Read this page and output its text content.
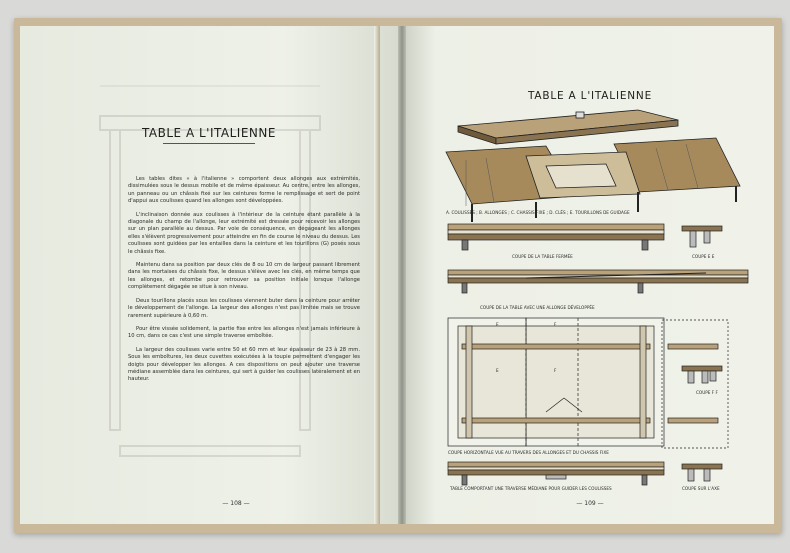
TABLE A L'ITALIENNE

Les tables dites « à l'italienne » comportent deux allonges aux extrémités, dissimulées sous le dessus mobile et de même épaisseur. Au centre, entre les allonges, un panneau ou un châssis fixé sur les ceintures forme le remplissage et sert de point d'appui aux coulisses quand les allonges sont développées.

L'inclinaison donnée aux coulisses à l'intérieur de la ceinture étant parallèle à la diagonale du champ de l'allonge, leur extrémité est dressée pour recevoir les allonges sur un plan parallèle au dessus. Par voie de conséquence, en dégageant les allonges elles s'élèvent progressivement pour atteindre en fin de course le niveau du dessus. Les coulisses sont guidées par les entailles dans la ceinture et les tourillons (G) posés sous le châssis fixe.

Maintenu dans sa position par deux clés de 8 ou 10 cm de largeur passant librement dans les mortaises du châssis fixe, le dessus s'élève avec les clés, en même temps que les allonges, et retombe pour retrouver sa position initiale lorsque l'allonge complètement dégagée se situe à son niveau.

Deux tourillons placés sous les coulisses viennent buter dans la ceinture pour arrêter le développement de l'allonge. La largeur des allonges n'est pas limitée mais se trouve rarement supérieure à 0,60 m.

Pour être vissée solidement, la partie fixe entre les allonges n'est jamais inférieure à 10 cm, dans ce cas c'est une simple traverse emboîtée.

La largeur des coulisses varie entre 50 et 60 mm et leur épaisseur de 23 à 28 mm. Sous les emboîtures, les deux cuvettes exécutées à la toupie permettent d'engager les doigts pour développer les allonges. A ces dispositions on peut ajouter une traverse médiane assemblée dans les ceintures, qui sert à guider les coulisses latéralement et en hauteur.

— 108 —
TABLE A L'ITALIENNE
A. COULISSES ; B. ALLONGES ; C. CHASSIS FIXE ; D. CLÉS ; E. TOURILLONS DE GUIDAGE
COUPE DE LA TABLE FERMÉE	COUPE E E
COUPE DE LA TABLE AVEC UNE ALLONGE DÉVELOPPÉE
E	F
E	F
COUPE F F
COUPE HORIZONTALE VUE AU TRAVERS DES ALLONGES ET DU CHASSIS FIXE
TABLE COMPORTANT UNE TRAVERSE MÉDIANE POUR GUIDER LES COULISSES	COUPE SUR L'AXE
— 109 —
